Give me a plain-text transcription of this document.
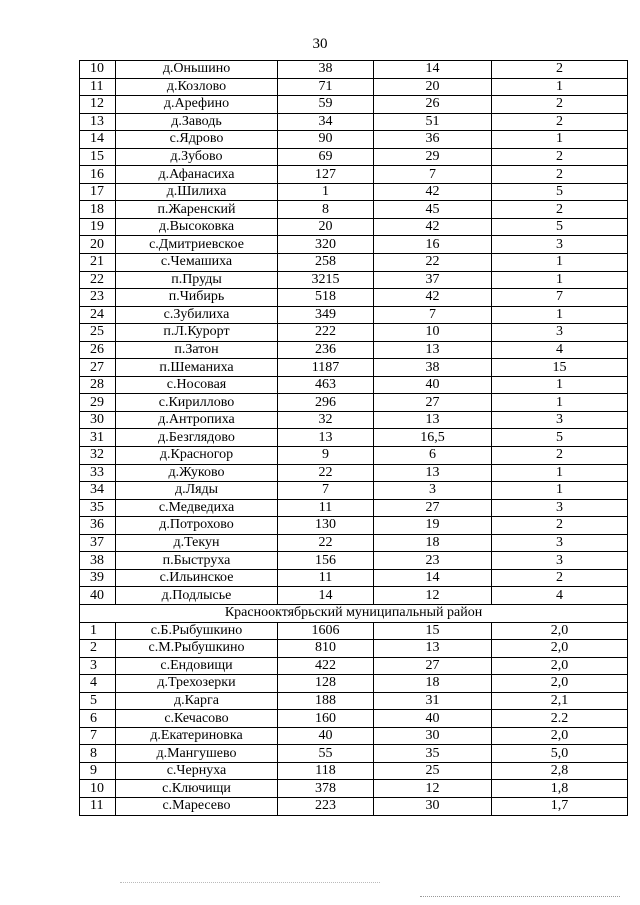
30
10	д.Оньшино	38	14	2
11	д.Козлово	71	20	1
12	д.Арефино	59	26	2
13	д.Заводь	34	51	2
14	с.Ядрово	90	36	1
15	д.Зубово	69	29	2
16	д.Афанасиха	127	7	2
17	д.Шилиха	1	42	5
18	п.Жаренский	8	45	2
19	д.Высоковка	20	42	5
20	с.Дмитриевское	320	16	3
21	с.Чемашиха	258	22	1
22	п.Пруды	3215	37	1
23	п.Чибирь	518	42	7
24	с.Зубилиха	349	7	1
25	п.Л.Курорт	222	10	3
26	п.Затон	236	13	4
27	п.Шеманиха	1187	38	15
28	с.Носовая	463	40	1
29	с.Кириллово	296	27	1
30	д.Антропиха	32	13	3
31	д.Безглядово	13	16,5	5
32	д.Красногор	9	6	2
33	д.Жуково	22	13	1
34	д.Ляды	7	3	1
35	с.Медведиха	11	27	3
36	д.Потрохово	130	19	2
37	д.Текун	22	18	3
38	п.Быструха	156	23	3
39	с.Ильинское	11	14	2
40	д.Подлысье	14	12	4
Краснооктябрьский муниципальный район				
1	с.Б.Рыбушкино	1606	15	2,0
2	с.М.Рыбушкино	810	13	2,0
3	с.Ендовищи	422	27	2,0
4	д.Трехозерки	128	18	2,0
5	д.Карга	188	31	2,1
6	с.Кечасово	160	40	2.2
7	д.Екатериновка	40	30	2,0
8	д.Мангушево	55	35	5,0
9	с.Чернуха	118	25	2,8
10	с.Ключищи	378	12	1,8
11	с.Маресево	223	30	1,7
